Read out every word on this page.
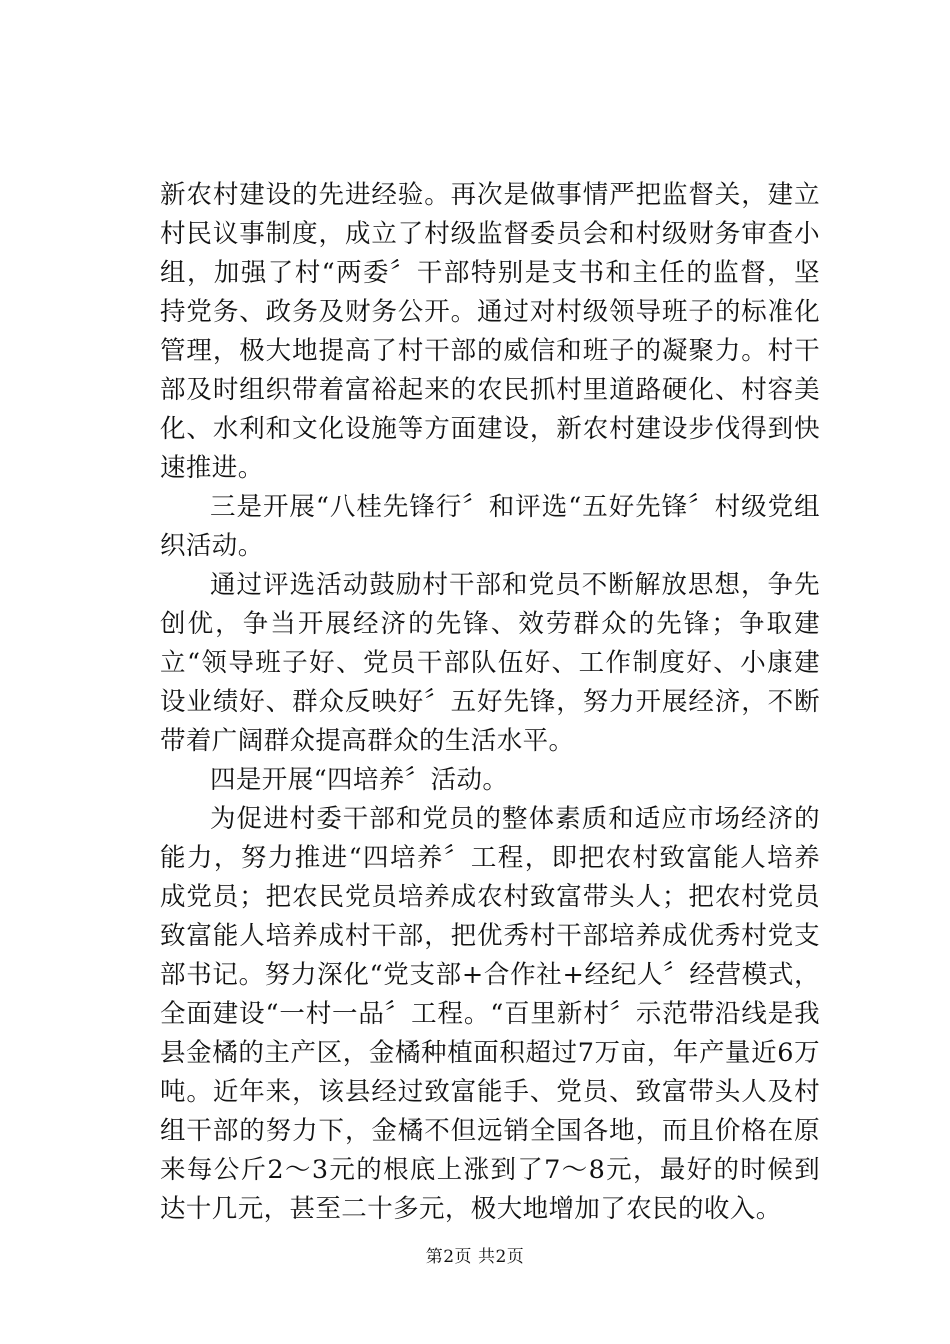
新农村建设的先进经验。再次是做事情严把监督关，建立村民议事制度，成立了村级监督委员会和村级财务审查小组，加强了村“两委〞干部特别是支书和主任的监督，坚持党务、政务及财务公开。通过对村级领导班子的标准化管理，极大地提高了村干部的威信和班子的凝聚力。村干部及时组织带着富裕起来的农民抓村里道路硬化、村容美化、水利和文化设施等方面建设，新农村建设步伐得到快速推进。

三是开展“八桂先锋行〞和评选“五好先锋〞村级党组织活动。

通过评选活动鼓励村干部和党员不断解放思想，争先创优，争当开展经济的先锋、效劳群众的先锋；争取建立“领导班子好、党员干部队伍好、工作制度好、小康建设业绩好、群众反映好〞五好先锋，努力开展经济，不断带着广阔群众提高群众的生活水平。

四是开展“四培养〞活动。

为促进村委干部和党员的整体素质和适应市场经济的能力，努力推进“四培养〞工程，即把农村致富能人培养成党员；把农民党员培养成农村致富带头人；把农村党员致富能人培养成村干部，把优秀村干部培养成优秀村党支部书记。努力深化“党支部+合作社+经纪人〞经营模式，全面建设“一村一品〞工程。“百里新村〞示范带沿线是我县金橘的主产区，金橘种植面积超过7万亩，年产量近6万吨。近年来，该县经过致富能手、党员、致富带头人及村组干部的努力下，金橘不但远销全国各地，而且价格在原来每公斤2～3元的根底上涨到了7～8元，最好的时候到达十几元，甚至二十多元，极大地增加了农民的收入。

第2页 共2页
